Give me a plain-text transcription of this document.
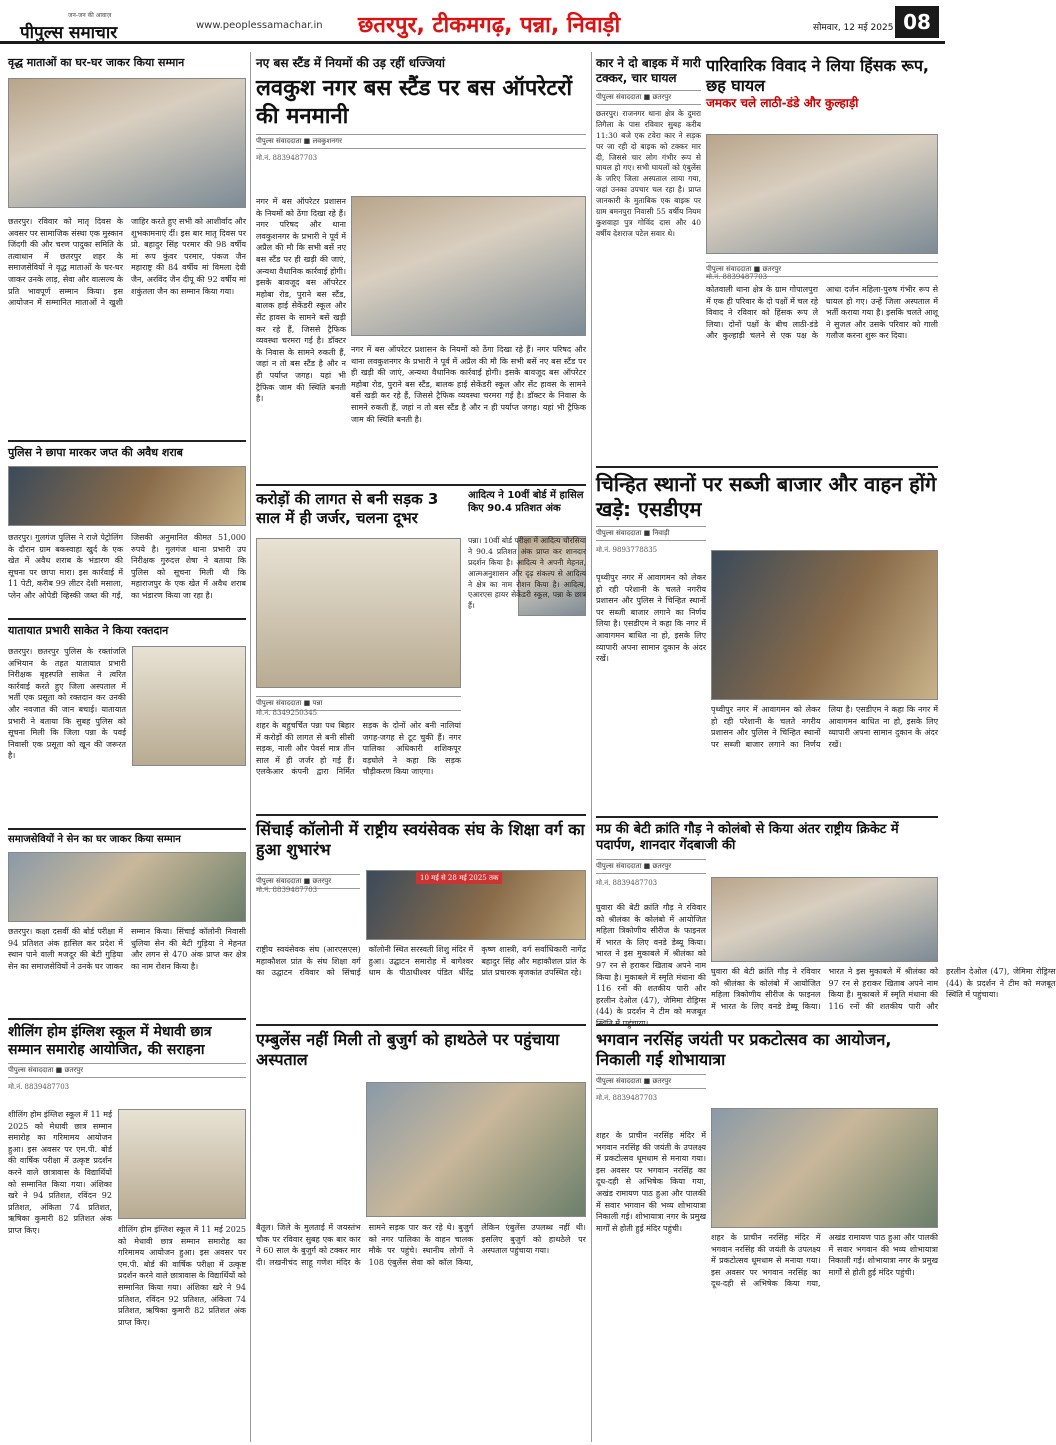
जन-जन की आवाज़
पीपुल्स समाचार	www.peoplessamachar.in छतरपुर, टीकमगढ़, पन्ना, निवाड़ी	सोमवार, 12 मई 2025 08
वृद्ध माताओं का घर-घर जाकर किया सम्मान
छतरपुर। रविवार को मातृ दिवस के अवसर पर सामाजिक संस्था एक मुस्कान जिंदगी की और चरण पादुका समिति के तत्वाधान में छतरपुर शहर के समाजसेवियों ने वृद्ध माताओं के घर-घर जाकर उनके लाड़, सेवा और वात्सल्य के प्रति भावपूर्ण सम्मान किया। इस आयोजन में सम्मानित माताओं ने खुशी जाहिर करते हुए सभी को आशीर्वाद और शुभकामनाएं दीं। इस बार मातृ दिवस पर प्रो. बहादुर सिंह परमार की 98 वर्षीय मां रूप कुंवर परमार, पंकज जैन महाराष्ट्र की 84 वर्षीय मां विमला देवी जैन, अरविंद जैन दीपू की 92 वर्षीय मां शकुंतला जैन का सम्मान किया गया।
पुलिस ने छापा मारकर जप्त की अवैध शराब
छतरपुर। गुलगंज पुलिस ने राजे पेट्रोलिंग के दौरान ग्राम बकस्वाहा खुर्द के एक खेत में अवैध शराब के भंडारण की सूचना पर छापा मारा। इस कार्रवाई में 11 पेटी, करीब 99 लीटर देशी मसाला, प्लेन और ओपेडी व्हिस्की जब्त की गई, जिसकी अनुमानित कीमत 51,000 रुपये है। गुलगंज थाना प्रभारी उप निरीक्षक गुरुदत्त शेषा ने बताया कि पुलिस को सूचना मिली थी कि महाराजपुर के एक खेत में अवैध शराब का भंडारण किया जा रहा है।
यातायात प्रभारी साकेत ने किया रक्तदान
छतरपुर। छतरपुर पुलिस के रक्तांजलि अभियान के तहत यातायात प्रभारी निरीक्षक बृहस्पति साकेत ने त्वरित कार्रवाई करते हुए जिला अस्पताल में भर्ती एक प्रसूता को रक्तदान कर उनकी और नवजात की जान बचाई। यातायात प्रभारी ने बताया कि सुबह पुलिस को सूचना मिली कि जिला पन्ना के पवई निवासी एक प्रसूता को खून की जरूरत है।
समाजसेवियों ने सेन का घर जाकर किया सम्मान
छतरपुर। कक्षा दसवीं की बोर्ड परीक्षा में 94 प्रतिशत अंक हासिल कर प्रदेश में स्थान पाने वाली मजदूर की बेटी गुड़िया सेन का समाजसेवियों ने उनके घर जाकर सम्मान किया। सिंचाई कॉलोनी निवासी धुलिया सेन की बेटी गुड़िया ने मेहनत और लगन से 470 अंक प्राप्त कर क्षेत्र का नाम रोशन किया है।
नए बस स्टैंड में नियमों की उड़ रहीं धज्जियां
लवकुश नगर बस स्टैंड पर बस ऑपरेटरों की मनमानी
पीपुल्स संवाददाता ■ लवकुशनगर
मो.नं. 8839487703
नगर में बस ऑपरेटर प्रशासन के नियमों को ठेंगा दिखा रहे हैं। नगर परिषद और थाना लवकुशनगर के प्रभारी ने पूर्व में अप्रैल की मौ कि सभी बसें नए बस स्टैंड पर ही खड़ी की जाएं, अन्यथा वैधानिक कार्रवाई होगी। इसके बावजूद बस ऑपरेटर महोबा रोड, पुराने बस स्टैंड, बालक हाई सेकेंडरी स्कूल और सेंट हावस के सामने बसें खड़ी कर रहे हैं, जिससे ट्रैफिक व्यवस्था चरमरा गई है। डॉक्टर के निवास के सामने रुकती हैं, जहां न तो बस स्टैंड है और न ही पर्याप्त जगह। यहां भी ट्रैफिक जाम की स्थिति बनती है।
नगर में बस ऑपरेटर प्रशासन के नियमों को ठेंगा दिखा रहे हैं। नगर परिषद और थाना लवकुशनगर के प्रभारी ने पूर्व में अप्रैल की मौ कि सभी बसें नए बस स्टैंड पर ही खड़ी की जाएं, अन्यथा वैधानिक कार्रवाई होगी। इसके बावजूद बस ऑपरेटर महोबा रोड, पुराने बस स्टैंड, बालक हाई सेकेंडरी स्कूल और सेंट हावस के सामने बसें खड़ी कर रहे हैं, जिससे ट्रैफिक व्यवस्था चरमरा गई है। डॉक्टर के निवास के सामने रुकती हैं, जहां न तो बस स्टैंड है और न ही पर्याप्त जगह। यहां भी ट्रैफिक जाम की स्थिति बनती है।
करोड़ों की लागत से बनी सड़क 3 साल में ही जर्जर, चलना दूभर
पीपुल्स संवाददाता ■ पन्ना
मो.नं. 8349250345
शहर के बहुचर्चित पन्ना पथ बिहार में करोड़ों की लागत से बनी सीसी सड़क, नाली और पेवर्स मात्र तीन साल में ही जर्जर हो गई हैं। एलकेआर कंपनी द्वारा निर्मित सड़क के दोनों ओर बनी नालियां जगह-जगह से टूट चुकी हैं। नगर पालिका अधिकारी शशिकपूर वड़घोले ने कहा कि सड़क चौड़ीकरण किया जाएगा।
आदित्य ने 10वीं बोर्ड में हासिल किए 90.4 प्रतिशत अंक
पन्ना। 10वीं बोर्ड परीक्षा में आदित्य चौरसिया ने 90.4 प्रतिशत अंक प्राप्त कर शानदार प्रदर्शन किया है। आदित्य ने अपनी मेहनत, आत्मअनुशासन और दृढ़ संकल्प से आदित्य ने क्षेत्र का नाम रोशन किया है। आदित्य, एआरएस हायर सेकेंडरी स्कूल, पन्ना के छात्र हैं।
सिंचाई कॉलोनी में राष्ट्रीय स्वयंसेवक संघ के शिक्षा वर्ग का हुआ शुभारंभ
पीपुल्स संवाददाता ■ छतरपुर
मो.नं. 8839487703
10 मई से 28 मई 2025 तक
राष्ट्रीय स्वयंसेवक संघ (आरएसएस) महाकौशल प्रांत के संघ शिक्षा वर्ग का उद्घाटन रविवार को सिंचाई कॉलोनी स्थित सरस्वती शिशु मंदिर में हुआ। उद्घाटन समारोह में बागेश्वर धाम के पीठाधीश्वर पंडित धीरेंद्र कृष्ण शास्त्री, वर्ग सर्वाधिकारी नागेंद्र बहादुर सिंह और महाकौशल प्रांत के प्रांत प्रचारक बृजकांत उपस्थित रहे।
एम्बुलेंस नहीं मिली तो बुजुर्ग को हाथठेले पर पहुंचाया अस्पताल
बैतूल। जिले के मुलताई में जयस्तंभ चौक पर रविवार सुबह एक बार कार ने 60 साल के बुजुर्ग को टक्कर मार दी। लखनीचंद साहू गणेश मंदिर के सामने सड़क पार कर रहे थे। बुजुर्ग को नगर पालिका के वाहन चालक मौके पर पहुंचे। स्थानीय लोगों ने 108 एंबुलेंस सेवा को कॉल किया, लेकिन एंबुलेंस उपलब्ध नहीं थी। इसलिए बुजुर्ग को हाथठेले पर अस्पताल पहुंचाया गया।
कार ने दो बाइक में मारी टक्कर, चार घायल
पीपुल्स संवाददाता ■ छतरपुर
छतरपुर। राजनगर थाना क्षेत्र के दुमरा तिगैला के पास रविवार सुबह करीब 11:30 बजे एक टवेरा कार ने सड़क पर जा रही दो बाइक को टक्कर मार दी, जिससे चार लोग गंभीर रूप से घायल हो गए। सभी घायलों को एंबुलेंस के जरिए जिला अस्पताल लाया गया, जहां उनका उपचार चल रहा है। प्राप्त जानकारी के मुताबिक एक बाइक पर ग्राम बमनपुरा निवासी 55 वर्षीय नियम कुशवाहा पुत्र गोविंद दास और 40 वर्षीय देशराज पटेल सवार थे।
पारिवारिक विवाद ने लिया हिंसक रूप, छह घायल
जमकर चले लाठी-डंडे और कुल्हाड़ी
पीपुल्स संवाददाता ■ छतरपुर
मो.नं. 8839487703
कोतवाली थाना क्षेत्र के ग्राम गोपालपुरा में एक ही परिवार के दो पक्षों में चल रहे विवाद ने रविवार को हिंसक रूप ले लिया। दोनों पक्षों के बीच लाठी-डंडे और कुल्हाड़ी चलने से एक पक्ष के आधा दर्जन महिला-पुरुष गंभीर रूप से घायल हो गए। उन्हें जिला अस्पताल में भर्ती कराया गया है। इसकि चलते आशू ने सुजल और उसके परिवार को गाली गलौज करना शुरू कर दिया।
चिन्हित स्थानों पर सब्जी बाजार और वाहन होंगे खड़े: एसडीएम
पीपुल्स संवाददाता ■ निवाड़ी
मो.नं. 9893778835
पृथ्वीपुर नगर में आवागमन को लेकर हो रही परेशानी के चलते नगरीय प्रशासन और पुलिस ने चिन्हित स्थानों पर सब्जी बाजार लगाने का निर्णय लिया है। एसडीएम ने कहा कि नगर में आवागमन बाधित ना हो, इसके लिए व्यापारी अपना सामान दुकान के अंदर रखें।
पृथ्वीपुर नगर में आवागमन को लेकर हो रही परेशानी के चलते नगरीय प्रशासन और पुलिस ने चिन्हित स्थानों पर सब्जी बाजार लगाने का निर्णय लिया है। एसडीएम ने कहा कि नगर में आवागमन बाधित ना हो, इसके लिए व्यापारी अपना सामान दुकान के अंदर रखें।
मप्र की बेटी क्रांति गौड़ ने कोलंबो से किया अंतर राष्ट्रीय क्रिकेट में पदार्पण, शानदार गेंदबाजी की
पीपुल्स संवाददाता ■ छतरपुर
मो.नं. 8839487703
घुवारा की बेटी क्रांति गौड़ ने रविवार को श्रीलंका के कोलंबो में आयोजित महिला त्रिकोणीय सीरीज के फाइनल में भारत के लिए वनडे डेब्यू किया। भारत ने इस मुकाबले में श्रीलंका को 97 रन से हराकर खिताब अपने नाम किया है। मुकाबले में स्मृति मंधाना की 116 रनों की शतकीय पारी और हरलीन देओल (47), जेमिमा रोड्रिग्स (44) के प्रदर्शन ने टीम को मजबूत
घुवारा की बेटी क्रांति गौड़ ने रविवार को श्रीलंका के कोलंबो में आयोजित महिला त्रिकोणीय सीरीज के फाइनल में भारत के लिए वनडे डेब्यू किया। भारत ने इस मुकाबले में श्रीलंका को 97 रन से हराकर खिताब अपने नाम किया है। मुकाबले में स्मृति मंधाना की 116 रनों की शतकीय पारी और हरलीन देओल (47), जेमिमा रोड्रिग्स (44) के प्रदर्शन ने टीम को मजबूत स्थिति में पहुंचाया।
भगवान नरसिंह जयंती पर प्रकटोत्सव का आयोजन, निकाली गई शोभायात्रा
पीपुल्स संवाददाता ■ छतरपुर
मो.नं. 8839487703
शहर के प्राचीन नरसिंह मंदिर में भगवान नरसिंह की जयंती के उपलक्ष्य में प्रकटोत्सव धूमधाम से मनाया गया। इस अवसर पर भगवान नरसिंह का दूध-दही से अभिषेक किया गया, अखंड रामायण पाठ हुआ और पालकी में सवार भगवान की भव्य शोभायात्रा निकाली गई। शोभायात्रा नगर के प्रमुख मार्गों से होती हुई मंदिर पहुंची।
शहर के प्राचीन नरसिंह मंदिर में भगवान नरसिंह की जयंती के उपलक्ष्य में प्रकटोत्सव धूमधाम से मनाया गया। इस अवसर पर भगवान नरसिंह का दूध-दही से अभिषेक किया गया, अखंड रामायण पाठ हुआ और पालकी में सवार भगवान की भव्य शोभायात्रा निकाली गई। शोभायात्रा नगर के प्रमुख मार्गों से होती हुई मंदिर पहुंची।
शीलिंग होम इंग्लिश स्कूल में मेधावी छात्र सम्मान समारोह आयोजित, की सराहना
पीपुल्स संवाददाता ■ छतरपुर
मो.नं. 8839487703
शीलिंग होम इंग्लिश स्कूल में 11 मई 2025 को मेधावी छात्र सम्मान समारोह का गरिमामय आयोजन हुआ। इस अवसर पर एम.पी. बोर्ड की वार्षिक परीक्षा में उत्कृष्ट प्रदर्शन करने वाले छात्रावास के विद्यार्थियों को सम्मानित किया गया। अंशिका खरे ने 94 प्रतिशत, रविंदन 92 प्रतिशत, अंकिता 74 प्रतिशत, ऋषिका कुमारी 82 प्रतिशत अंक प्राप्त किए।	शीलिंग होम इंग्लिश स्कूल में 11 मई 2025 को मेधावी छात्र सम्मान समारोह का गरिमामय आयोजन हुआ। इस अवसर पर एम.पी. बोर्ड की वार्षिक परीक्षा में उत्कृष्ट प्रदर्शन करने वाले छात्रावास के विद्यार्थियों को सम्मानित किया गया। अंशिका खरे ने 94 प्रतिशत, रविंदन 92 प्रतिशत, अंकिता 74 प्रतिशत, ऋषिका कुमारी 82 प्रतिशत अंक प्राप्त किए।
